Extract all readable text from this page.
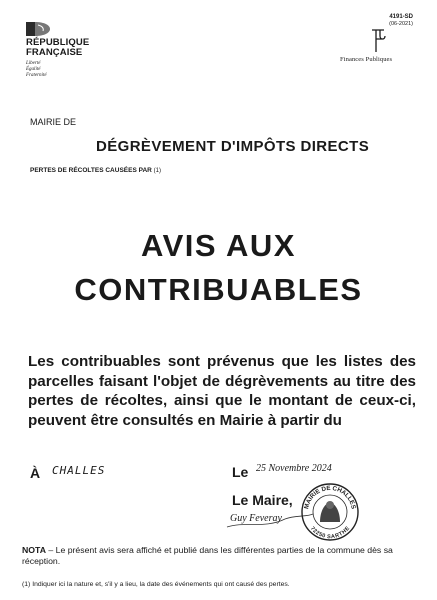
RÉPUBLIQUE
FRANÇAISE
Liberté
Égalité
Fraternité
4191-SD
(06-2021)
Finances Publiques
MAIRIE DE
DÉGRÈVEMENT D'IMPÔTS DIRECTS
PERTES DE RÉCOLTES CAUSÉES PAR (1)
AVIS AUX
CONTRIBUABLES
Les contribuables sont prévenus que les listes des parcelles faisant l'objet de dégrèvements au titre des pertes de récoltes, ainsi que le montant de ceux-ci, peuvent être consultés en Mairie à partir du
À CHALLES	Le 25 Novembre 2024
Le Maire,
Guy Feveray
MAIRIE DE CHALLES
72250 SARTHE
NOTA – Le présent avis sera affiché et publié dans les différentes parties de la commune dès sa réception.
(1) Indiquer ici la nature et, s'il y a lieu, la date des événements qui ont causé des pertes.
